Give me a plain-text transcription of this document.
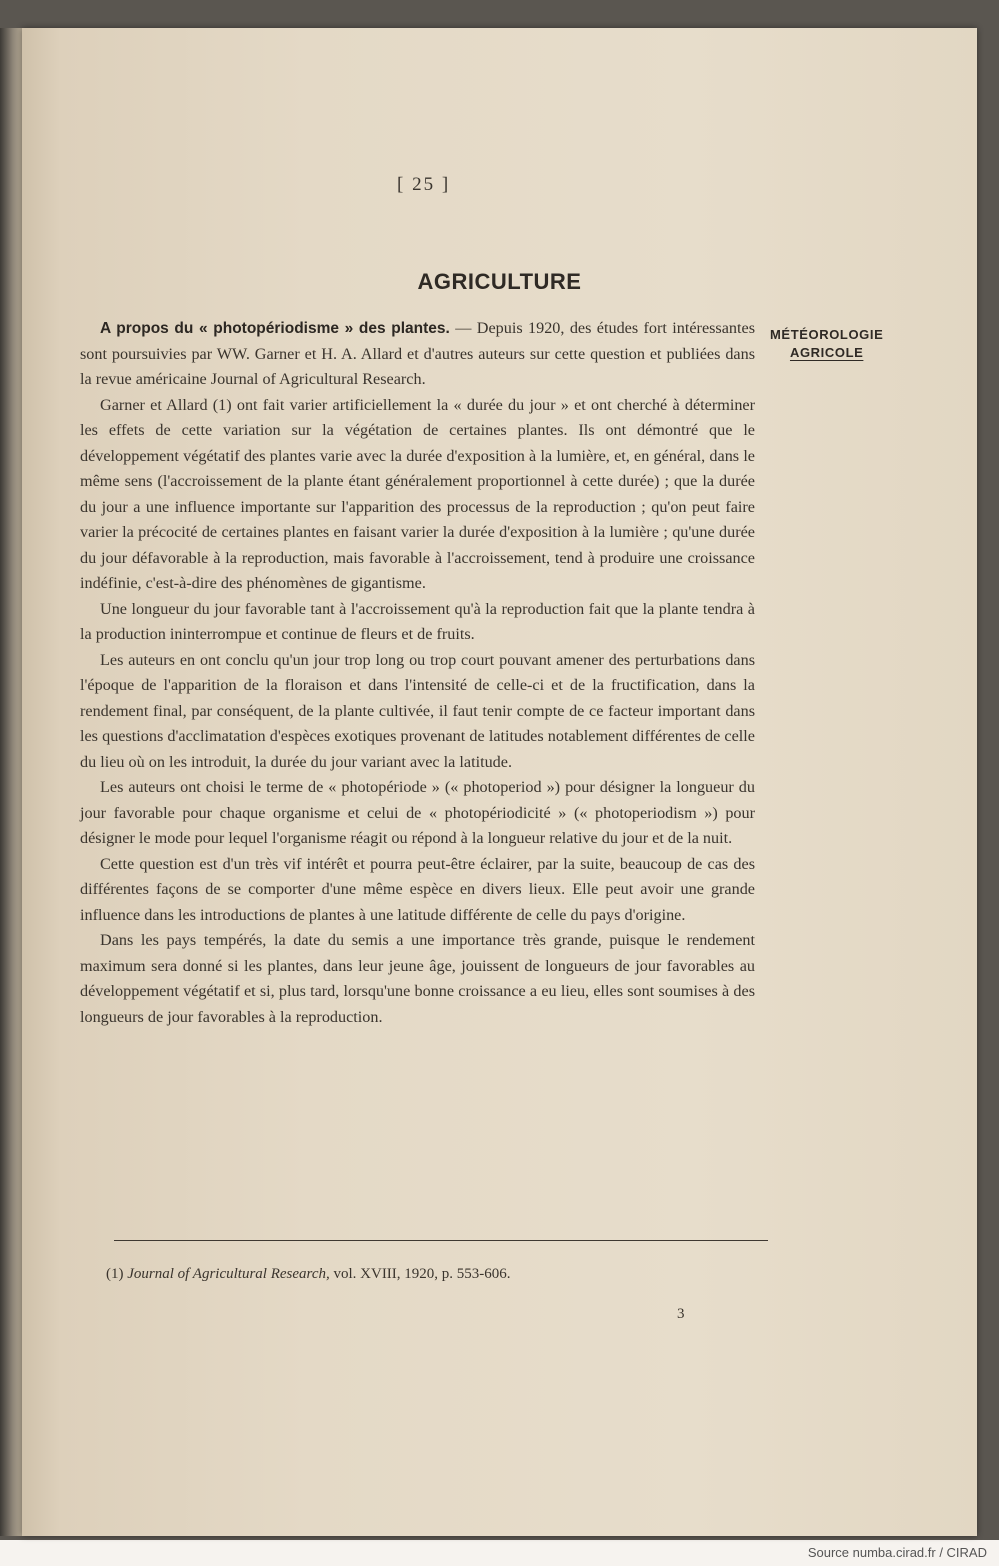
[ 25 ]
AGRICULTURE
MÉTÉOROLOGIE
AGRICOLE

A propos du « photopériodisme » des plantes. — Depuis 1920, des études fort intéressantes sont poursuivies par WW. Garner et H. A. Allard et d'autres auteurs sur cette question et publiées dans la revue américaine Journal of Agricultural Research.

Garner et Allard (1) ont fait varier artificiellement la « durée du jour » et ont cherché à déterminer les effets de cette variation sur la végétation de certaines plantes. Ils ont démontré que le développement végétatif des plantes varie avec la durée d'exposition à la lumière, et, en général, dans le même sens (l'accroissement de la plante étant généralement proportionnel à cette durée) ; que la durée du jour a une influence importante sur l'apparition des processus de la reproduction ; qu'on peut faire varier la précocité de certaines plantes en faisant varier la durée d'exposition à la lumière ; qu'une durée du jour défavorable à la reproduction, mais favorable à l'accroissement, tend à produire une croissance indéfinie, c'est-à-dire des phénomènes de gigantisme.

Une longueur du jour favorable tant à l'accroissement qu'à la reproduction fait que la plante tendra à la production ininterrompue et continue de fleurs et de fruits.

Les auteurs en ont conclu qu'un jour trop long ou trop court pouvant amener des perturbations dans l'époque de l'apparition de la floraison et dans l'intensité de celle-ci et de la fructification, dans la rendement final, par conséquent, de la plante cultivée, il faut tenir compte de ce facteur important dans les questions d'acclimatation d'espèces exotiques provenant de latitudes notablement différentes de celle du lieu où on les introduit, la durée du jour variant avec la latitude.

Les auteurs ont choisi le terme de « photopériode » (« photoperiod ») pour désigner la longueur du jour favorable pour chaque organisme et celui de « photopériodicité » (« photoperiodism ») pour désigner le mode pour lequel l'organisme réagit ou répond à la longueur relative du jour et de la nuit.

Cette question est d'un très vif intérêt et pourra peut-être éclairer, par la suite, beaucoup de cas des différentes façons de se comporter d'une même espèce en divers lieux. Elle peut avoir une grande influence dans les introductions de plantes à une latitude différente de celle du pays d'origine.

Dans les pays tempérés, la date du semis a une importance très grande, puisque le rendement maximum sera donné si les plantes, dans leur jeune âge, jouissent de longueurs de jour favorables au développement végétatif et si, plus tard, lorsqu'une bonne croissance a eu lieu, elles sont soumises à des longueurs de jour favorables à la reproduction.

(1) Journal of Agricultural Research, vol. XVIII, 1920, p. 553-606.
3
Source numba.cirad.fr / CIRAD
